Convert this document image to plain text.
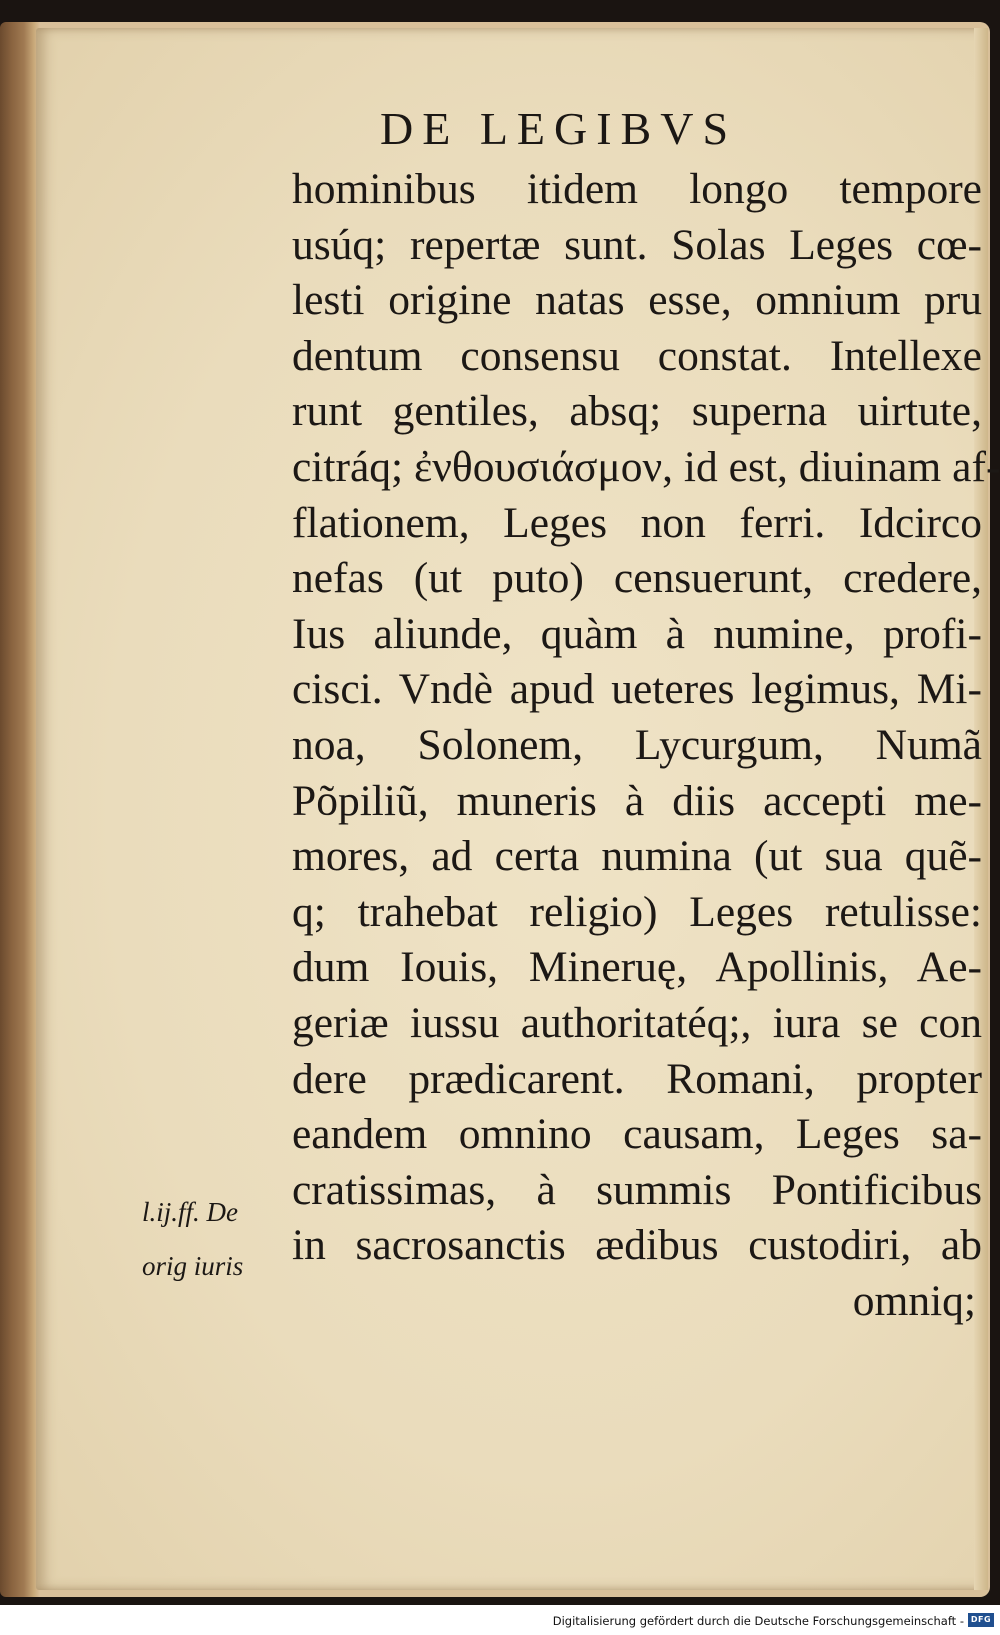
DE LEGIBVS
hominibus itidem longo tempore
usúq; repertæ sunt. Solas Leges cœ-
lesti origine natas esse, omnium pru
dentum consensu constat. Intellexe
runt gentiles, absq; superna uirtute,
citráq; ἐνθουσιάσμον, id est, diuinam af-
flationem, Leges non ferri. Idcirco
nefas (ut puto) censuerunt, credere,
Ius aliunde, quàm à numine, profi-
cisci. Vndè apud ueteres legimus, Mi-
noa, Solonem, Lycurgum, Numã
Põpiliũ, muneris à diis accepti me-
mores, ad certa numina (ut sua quẽ-
q; trahebat religio) Leges retulisse:
dum Iouis, Mineruę, Apollinis, Ae-
geriæ iussu authoritatéq;, iura se con
dere prædicarent. Romani, propter
eandem omnino causam, Leges sa-
cratissimas, à summis Pontificibus
in sacrosanctis ædibus custodiri, ab
omniq;
l.ij.ff. De
orig iuris
Digitalisierung gefördert durch die Deutsche Forschungsgemeinschaft - DFG
